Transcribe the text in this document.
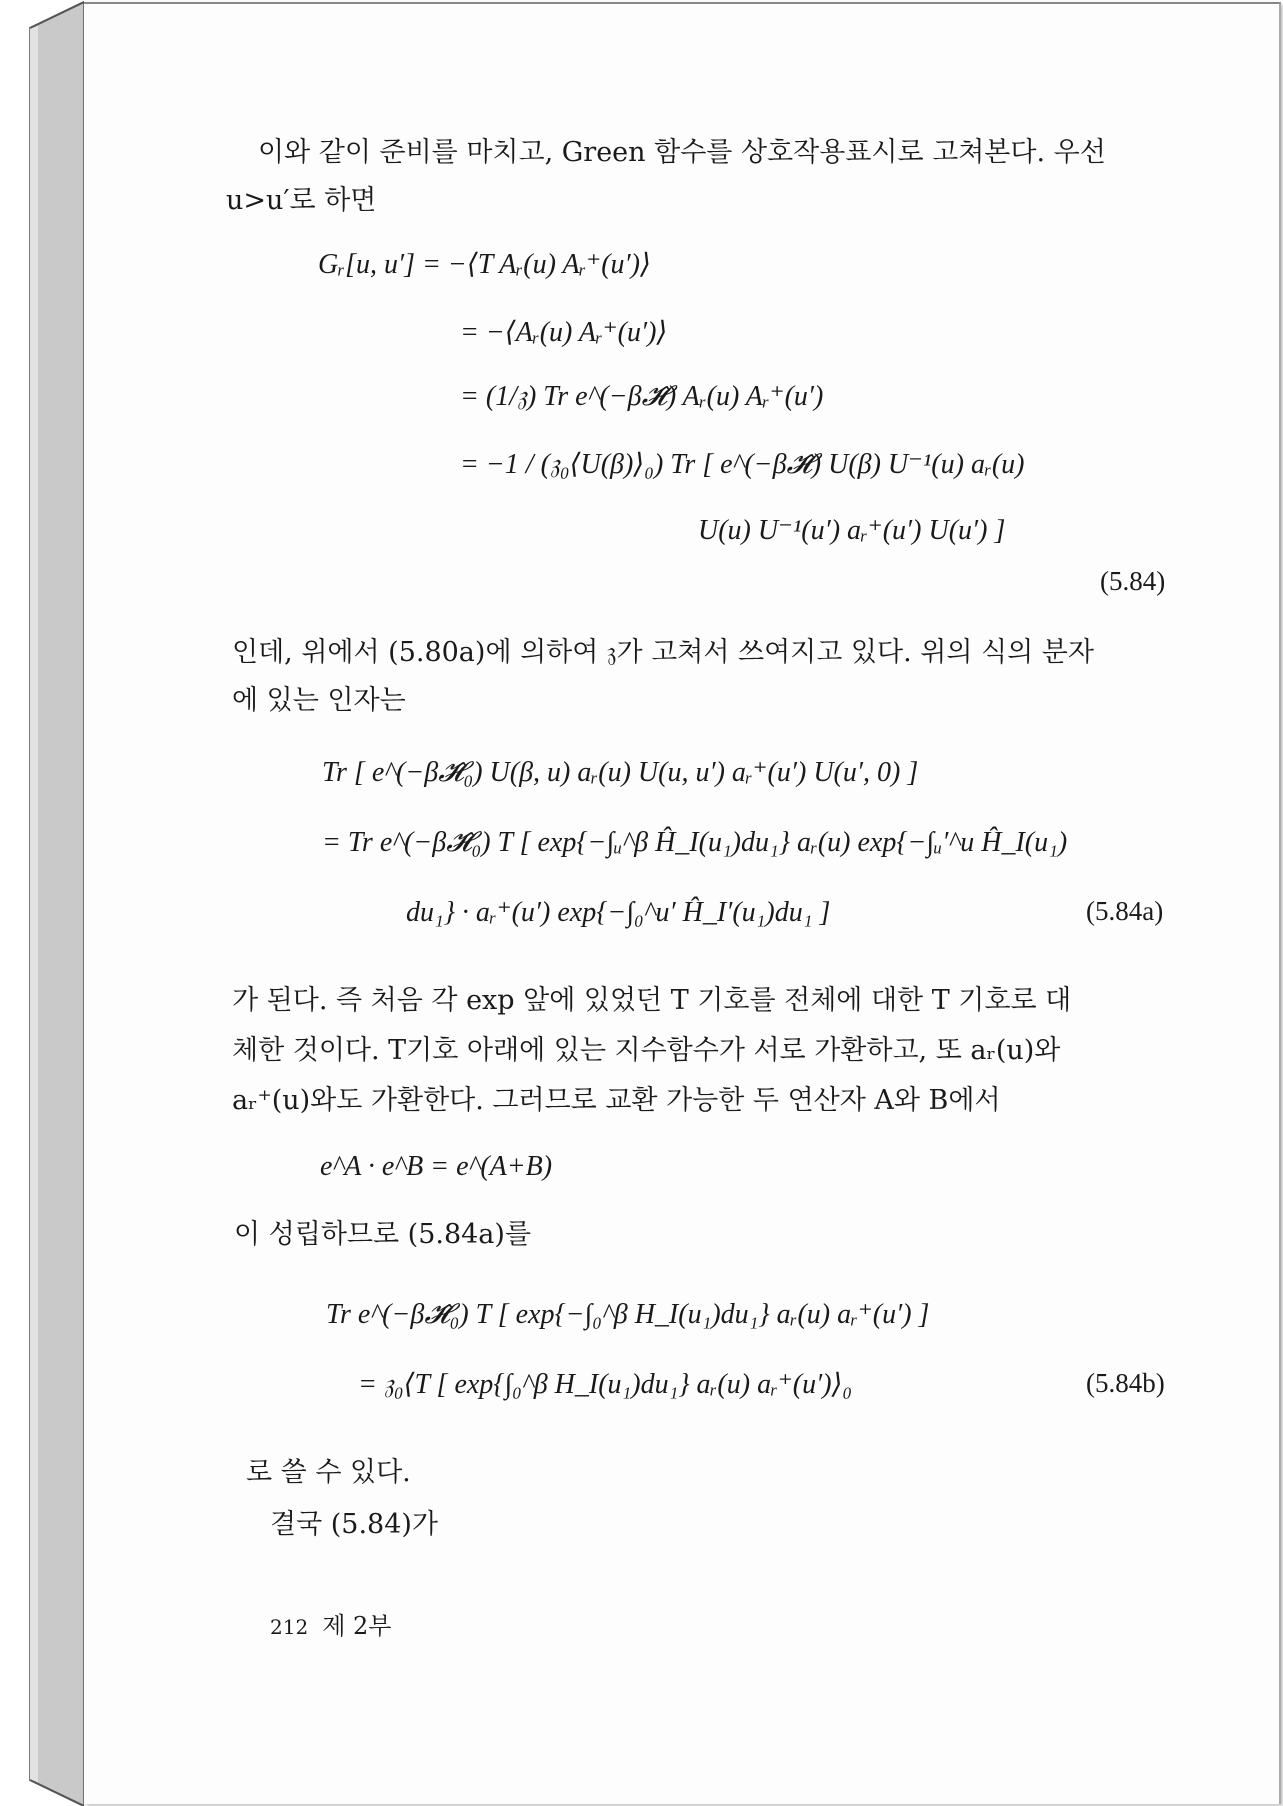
이와 같이 준비를 마치고, Green 함수를 상호작용표시로 고쳐본다. 우선
u>u′로 하면
Gᵣ[u, u′] = −⟨T Aᵣ(u) Aᵣ⁺(u′)⟩
= −⟨Aᵣ(u) Aᵣ⁺(u′)⟩
= (1/𝔷) Tr e^(−β𝓗̂) Aᵣ(u) Aᵣ⁺(u′)
= −1 / (𝔷₀⟨U(β)⟩₀) Tr [ e^(−β𝓗̂) U(β) U⁻¹(u) aᵣ(u)
U(u) U⁻¹(u′) aᵣ⁺(u′) U(u′) ]
(5.84)
인데, 위에서 (5.80a)에 의하여 𝔷가 고쳐서 쓰여지고 있다. 위의 식의 분자
에 있는 인자는
Tr [ e^(−β𝓗̂₀) U(β, u) aᵣ(u) U(u, u′) aᵣ⁺(u′) U(u′, 0) ]
= Tr e^(−β𝓗̂₀) T [ exp{−∫ᵤ^β Ĥ_I(u₁)du₁} aᵣ(u) exp{−∫ᵤ′^u Ĥ_I(u₁)
du₁} · aᵣ⁺(u′) exp{−∫₀^u′ Ĥ_I′(u₁)du₁ ]	(5.84a)
가 된다. 즉 처음 각 exp 앞에 있었던 T 기호를 전체에 대한 T 기호로 대
체한 것이다. T기호 아래에 있는 지수함수가 서로 가환하고, 또 aᵣ(u)와
aᵣ⁺(u)와도 가환한다. 그러므로 교환 가능한 두 연산자 A와 B에서
e^A · e^B = e^(A+B)
이 성립하므로 (5.84a)를
Tr e^(−β𝓗̂₀) T [ exp{−∫₀^β H_I(u₁)du₁} aᵣ(u) aᵣ⁺(u′) ]
= 𝔷₀⟨T [ exp{∫₀^β H_I(u₁)du₁} aᵣ(u) aᵣ⁺(u′)⟩₀	(5.84b)
로 쓸 수 있다.
결국 (5.84)가
212 제 2부
